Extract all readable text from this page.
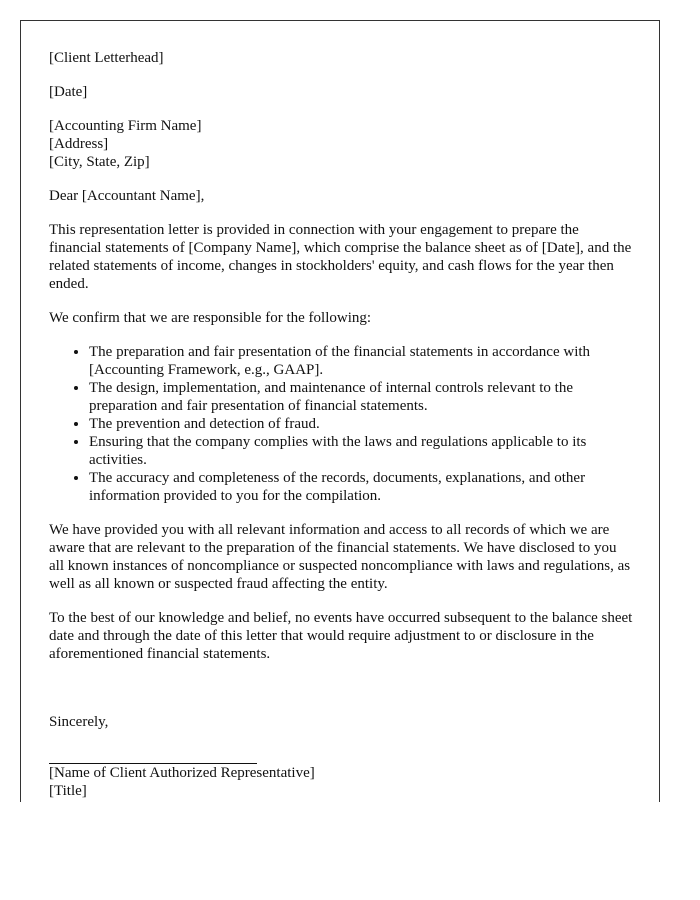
[Client Letterhead]

[Date]

[Accounting Firm Name]
[Address]
[City, State, Zip]

Dear [Accountant Name],

This representation letter is provided in connection with your engagement to prepare the financial statements of [Company Name], which comprise the balance sheet as of [Date], and the related statements of income, changes in stockholders' equity, and cash flows for the year then ended.

We confirm that we are responsible for the following:

• The preparation and fair presentation of the financial statements in accordance with [Accounting Framework, e.g., GAAP].
• The design, implementation, and maintenance of internal controls relevant to the preparation and fair presentation of financial statements.
• The prevention and detection of fraud.
• Ensuring that the company complies with the laws and regulations applicable to its activities.
• The accuracy and completeness of the records, documents, explanations, and other information provided to you for the compilation.

We have provided you with all relevant information and access to all records of which we are aware that are relevant to the preparation of the financial statements. We have disclosed to you all known instances of noncompliance or suspected noncompliance with laws and regulations, as well as all known or suspected fraud affecting the entity.

To the best of our knowledge and belief, no events have occurred subsequent to the balance sheet date and through the date of this letter that would require adjustment to or disclosure in the aforementioned financial statements.

Sincerely,

[Name of Client Authorized Representative]
[Title]
